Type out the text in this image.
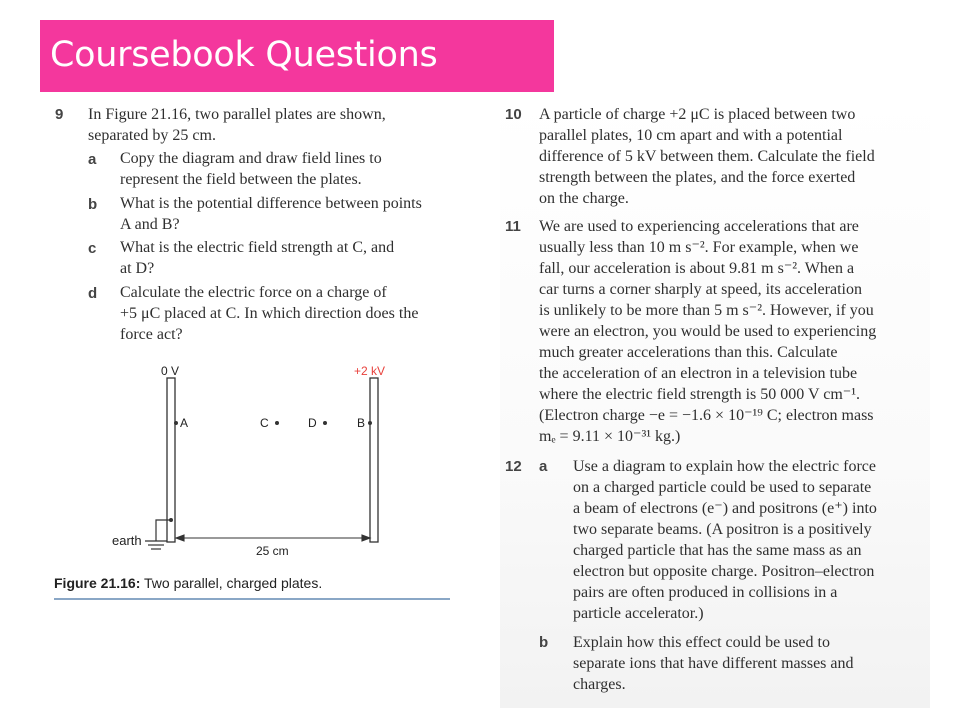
Coursebook Questions
9 In Figure 21.16, two parallel plates are shown,
separated by 25 cm.
a Copy the diagram and draw field lines to
represent the field between the plates.
b What is the potential difference between points
A and B?
c What is the electric field strength at C, and
at D?
d Calculate the electric force on a charge of
+5 μC placed at C. In which direction does the
force act?
0 V	+2 kV
A	C	D	B
earth
25 cm
Figure 21.16: Two parallel, charged plates.
10 A particle of charge +2 μC is placed between two
parallel plates, 10 cm apart and with a potential
difference of 5 kV between them. Calculate the field
strength between the plates, and the force exerted
on the charge.
11 We are used to experiencing accelerations that are
usually less than 10 m s⁻². For example, when we
fall, our acceleration is about 9.81 m s⁻². When a
car turns a corner sharply at speed, its acceleration
is unlikely to be more than 5 m s⁻². However, if you
were an electron, you would be used to experiencing
much greater accelerations than this. Calculate
the acceleration of an electron in a television tube
where the electric field strength is 50 000 V cm⁻¹.
(Electron charge −e = −1.6 × 10⁻¹⁹ C; electron mass
mₑ = 9.11 × 10⁻³¹ kg.)
12 a Use a diagram to explain how the electric force
on a charged particle could be used to separate
a beam of electrons (e⁻) and positrons (e⁺) into
two separate beams. (A positron is a positively
charged particle that has the same mass as an
electron but opposite charge. Positron–electron
pairs are often produced in collisions in a
particle accelerator.)
b Explain how this effect could be used to
separate ions that have different masses and
charges.
